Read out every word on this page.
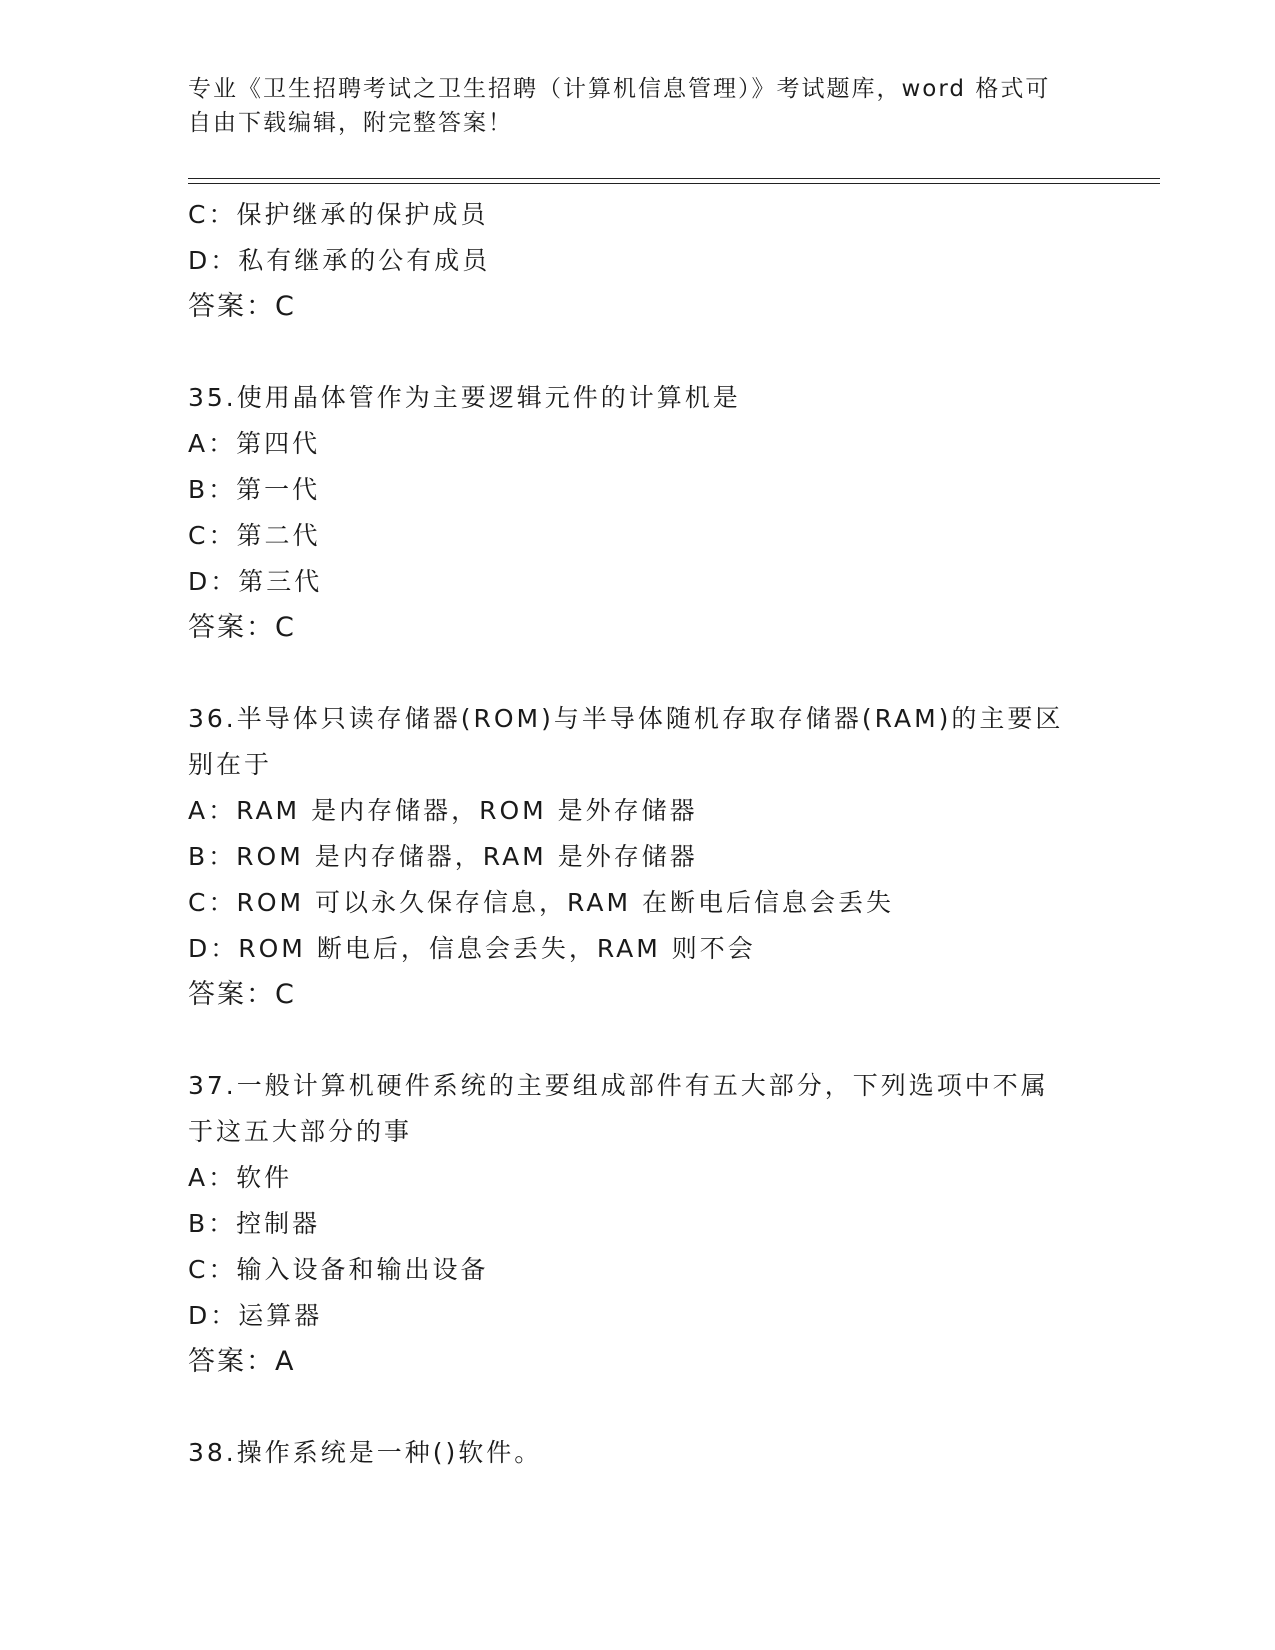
专业《卫生招聘考试之卫生招聘（计算机信息管理）》考试题库，word 格式可自由下载编辑，附完整答案！
C：保护继承的保护成员
D：私有继承的公有成员
答案：C
35.使用晶体管作为主要逻辑元件的计算机是
A：第四代
B：第一代
C：第二代
D：第三代
答案：C
36.半导体只读存储器(ROM)与半导体随机存取存储器(RAM)的主要区别在于
A：RAM 是内存储器，ROM 是外存储器
B：ROM 是内存储器，RAM 是外存储器
C：ROM 可以永久保存信息，RAM 在断电后信息会丢失
D：ROM 断电后，信息会丢失，RAM 则不会
答案：C
37.一般计算机硬件系统的主要组成部件有五大部分，下列选项中不属于这五大部分的事
A：软件
B：控制器
C：输入设备和输出设备
D：运算器
答案：A
38.操作系统是一种()软件。
